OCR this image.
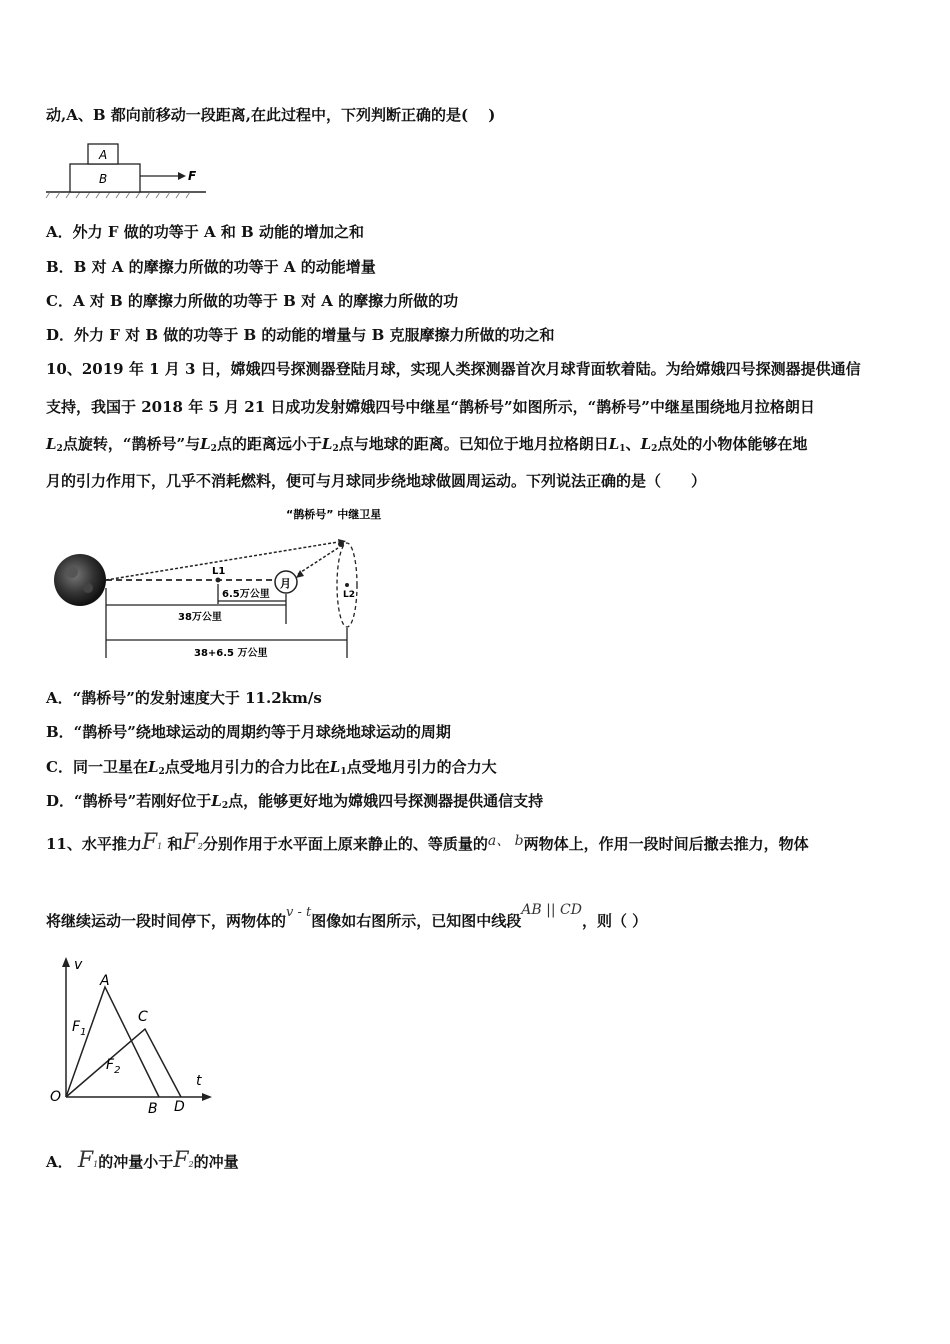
动,A、B 都向前移动一段距离,在此过程中，下列判断正确的是(　 )
A
B	F
A．外力 F 做的功等于 A 和 B 动能的增加之和
B．B 对 A 的摩擦力所做的功等于 A 的动能增量
C．A 对 B 的摩擦力所做的功等于 B 对 A 的摩擦力所做的功
D．外力 F 对 B 做的功等于 B 的动能的增量与 B 克服摩擦力所做的功之和
10、2019 年 1 月 3 日，嫦娥四号探测器登陆月球，实现人类探测器首次月球背面软着陆。为给嫦娥四号探测器提供通信
支持，我国于 2018 年 5 月 21 日成功发射嫦娥四号中继星“鹊桥号”如图所示，“鹊桥号”中继星围绕地月拉格朗日
$L_2$点旋转，“鹊桥号”与$L_2$点的距离远小于$L_2$点与地球的距离。已知位于地月拉格朗日$L_1$、$L_2$点处的小物体能够在地
月的引力作用下，几乎不消耗燃料，便可与月球同步绕地球做圆周运动。下列说法正确的是（　　）
“鹊桥号” 中继卫星
L1
月
L2
6.5万公里
38万公里
38+6.5 万公里
A．“鹊桥号”的发射速度大于 11.2km/s
B．“鹊桥号”绕地球运动的周期约等于月球绕地球运动的周期
C．同一卫星在$L_2$点受地月引力的合力比在$L_1$点受地月引力的合力大
D．“鹊桥号”若刚好位于$L_2$点，能够更好地为嫦娥四号探测器提供通信支持
11、水平推力F1 和F2分别作用于水平面上原来静止的、等质量的a、 b两物体上，作用一段时间后撤去推力，物体
将继续运动一段时间停下，两物体的v - t图像如右图所示，已知图中线段AB || CD，则（ ）
v
t
O
A
C
B D
$F_1$
$F_2$
A． F1的冲量小于F2的冲量
